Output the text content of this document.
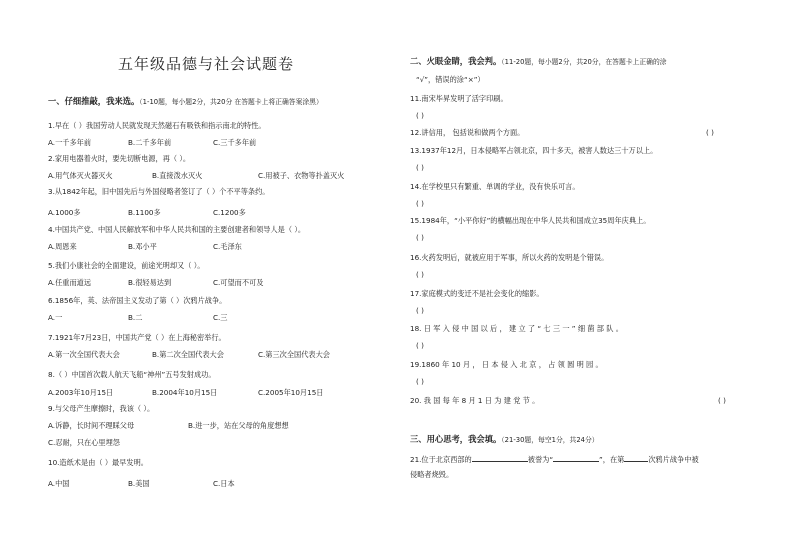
五年级品德与社会试题卷
一、仔细推敲，我来选。（1-10题，每小题2分，共20分 在答题卡上将正确答案涂黑）
1.早在（ ）我国劳动人民就发现天然磁石有吸铁和指示南北的特性。
A.一千多年前	B.二千多年前	C.三千多年前
2.家用电器着火时，要先切断电源，再（ ）。
A.用气体灭火器灭火	B.直接泼水灭火	C.用被子、衣物等扑盖灭火
3.从1842年起，旧中国先后与外国侵略者签订了（ ）个不平等条约。
A.1000多	B.1100多	C.1200多
4.中国共产党、中国人民解放军和中华人民共和国的主要创建者和领导人是（ ）。
A.周恩来	B.邓小平	C.毛泽东
5.我们小康社会的全面建设，前途光明却又（ ）。
A.任重而道远	B.很轻易达到	C.可望而不可及
6.1856年，英、法帝国主义发动了第（ ）次鸦片战争。
A.一	B.二	C.三
7.1921年7月23日，中国共产党（ ）在上海秘密举行。
A.第一次全国代表大会	B.第二次全国代表大会	C.第三次全国代表大会
8.（ ）中国首次载人航天飞船“神州”五号发射成功。
A.2003年10月15日	B.2004年10月15日	C.2005年10月15日
9.与父母产生摩擦时，我该（ ）。
A.诉静，长时间不理睬父母	B.进一步，站在父母的角度想想
C.忍耐，只在心里埋怨
10.造纸术是由（ ）最早发明。
A.中国	B.美国	C.日本
二、火眼金睛，我会判。（11-20题，每小题2分，共20分，在答题卡上正确的涂
“√”，错误的涂“×”）
11.南宋毕昇发明了活字印刷。
( )
12.讲信用， 包括说和做两个方面。	( )
13.1937年12月，日本侵略军占领北京，四十多天，被害人数达三十万以上。
( )
14.在学校里只有繁重、单调的学业，没有快乐可言。
( )
15.1984年，“小平你好”的横幅出现在中华人民共和国成立35周年庆典上。
( )
16.火药发明后，就被应用于军事，所以火药的发明是个错误。
( )
17.家庭模式的变迁不是社会变化的缩影。
( )
18. 日 军 入 侵 中 国 以 后 ， 建 立 了 “ 七 三 一 ” 细 菌 部 队 。
( )
19.1860 年 10 月 ， 日 本 侵 入 北 京 ， 占 领 圆 明 园 。
( )
20. 我 国 每 年 8 月 1 日 为 建 党 节 。	( )
三、用心思考，我会填。（21-30题，每空1分，共24分）
21.位于北京西部的	被誉为“	”，在第	次鸦片战争中被
侵略者烧毁。
